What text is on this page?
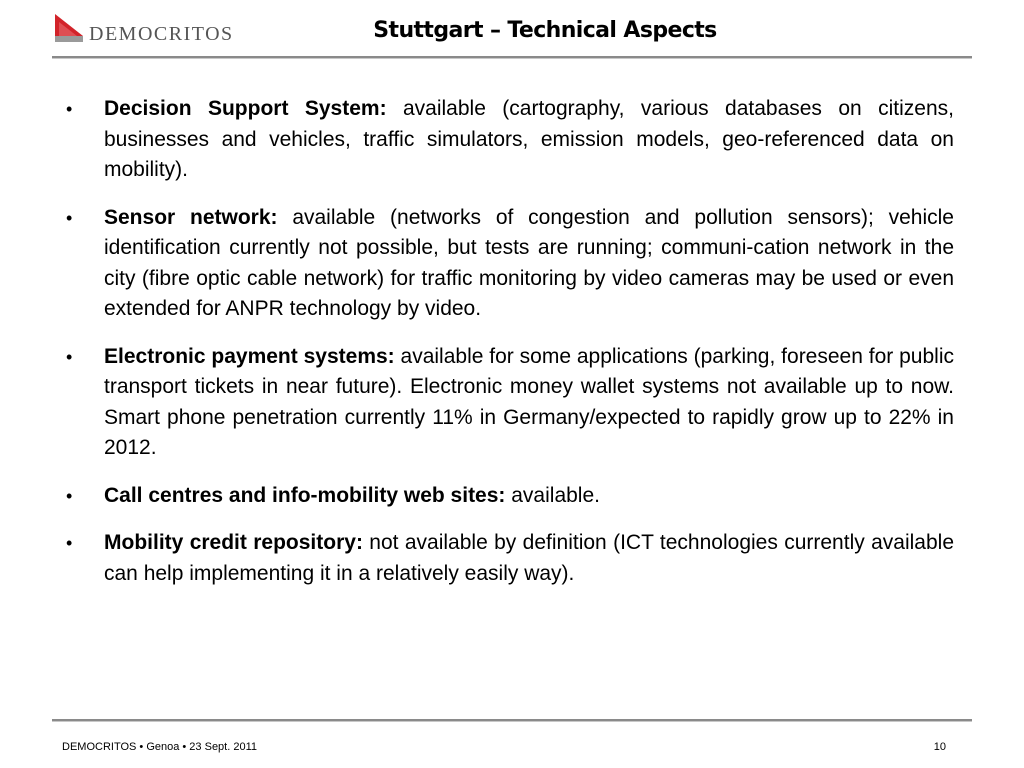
DEMOCRITOS	Stuttgart – Technical Aspects
• Decision Support System: available (cartography, various databases on citizens, businesses and vehicles, traffic simulators, emission models, geo-referenced data on mobility).
• Sensor network: available (networks of congestion and pollution sensors); vehicle identification currently not possible, but tests are running; communi-cation network in the city (fibre optic cable network) for traffic monitoring by video cameras may be used or even extended for ANPR technology by video.
• Electronic payment systems: available for some applications (parking, foreseen for public transport tickets in near future). Electronic money wallet systems not available up to now. Smart phone penetration currently 11% in Germany/expected to rapidly grow up to 22% in 2012.
• Call centres and info-mobility web sites: available.
• Mobility credit repository: not available by definition (ICT technologies currently available can help implementing it in a relatively easily way).
DEMOCRITOS • Genoa • 23 Sept. 2011	10
